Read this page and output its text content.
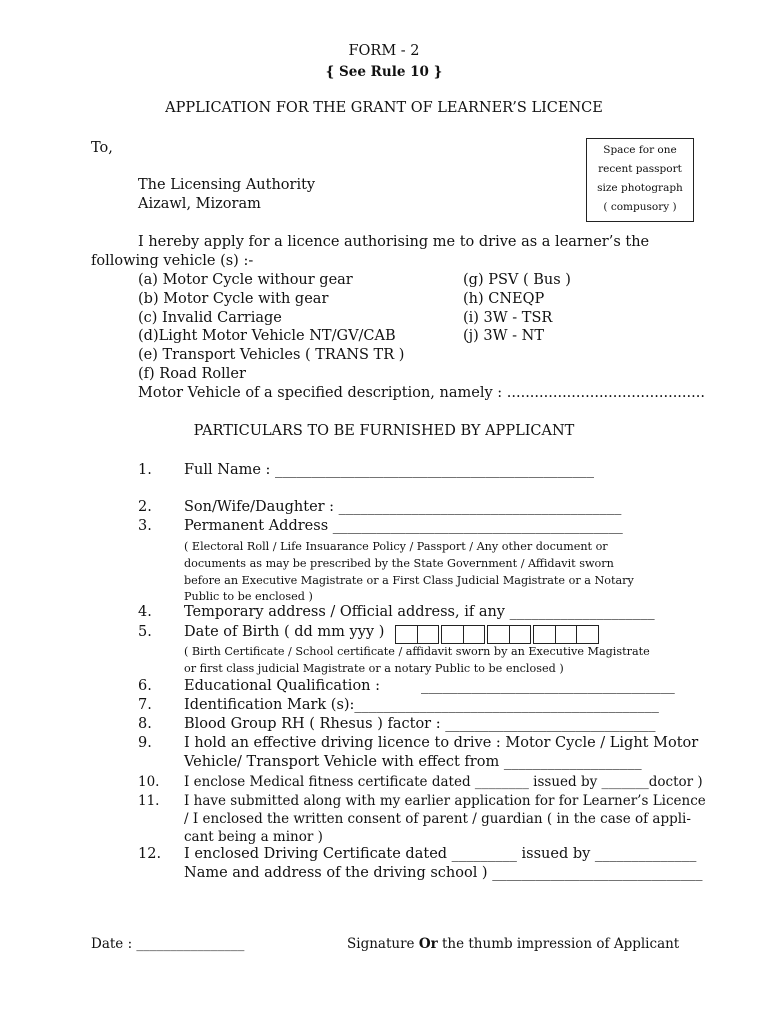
FORM - 2
{ See Rule 10 }
APPLICATION FOR THE GRANT OF LEARNER’S LICENCE
Space for one
recent passport
size photograph
( compusory )
To,
The Licensing Authority
Aizawl, Mizoram
I hereby apply for a licence authorising me to drive as a learner’s the
following vehicle (s) :-
(a) Motor Cycle withour gear
(b) Motor Cycle with gear
(c) Invalid Carriage
(d)Light Motor Vehicle NT/GV/CAB
(e) Transport Vehicles ( TRANS TR )
(f) Road Roller
Motor Vehicle of a specified description, namely : ...........................................
(g) PSV ( Bus )
(h) CNEQP
(i) 3W - TSR
(j) 3W - NT
PARTICULARS TO BE FURNISHED BY APPLICANT
1. Full Name : ____________________________________________
2. Son/Wife/Daughter : _______________________________________
3. Permanent Address ________________________________________
( Electoral Roll / Life Insuarance Policy / Passport / Any other document or
documents as may be prescribed by the State Government / Affidavit sworn
before an Executive Magistrate or a First Class Judicial Magistrate or a Notary
Public to be enclosed )
4. Temporary address / Official address, if any ____________________
5. Date of Birth ( dd mm yyy )
( Birth Certificate / School certificate / affidavit sworn by an Executive Magistrate
or first class judicial Magistrate or a notary Public to be enclosed )
6. Educational Qualification :	___________________________________
7. Identification Mark (s):__________________________________________
8. Blood Group RH ( Rhesus ) factor : _____________________________
9. I hold an effective driving licence to drive : Motor Cycle / Light Motor
Vehicle/ Transport Vehicle with effect from ___________________
10. I enclose Medical fitness certificate dated ________ issued by _______doctor )
11. I have submitted along with my earlier application for for Learner’s Licence
/ I enclosed the written consent of parent / guardian ( in the case of appli-
cant being a minor )
12. I enclosed Driving Certificate dated _________ issued by ______________
Name and address of the driving school ) _____________________________
Date : ________________	Signature Or the thumb impression of Applicant
